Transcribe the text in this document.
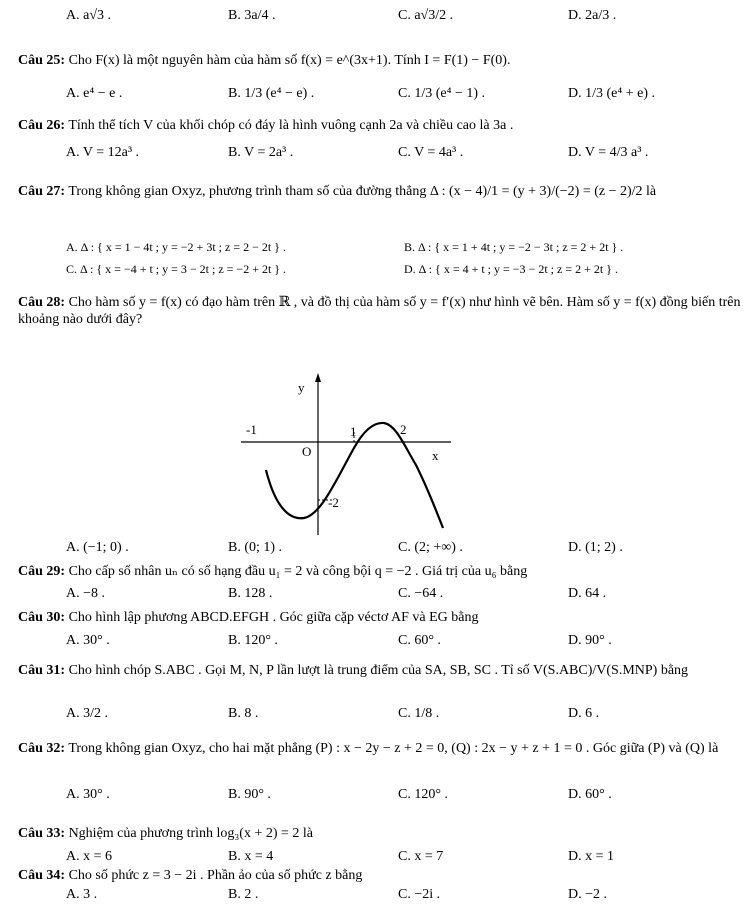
A. a√3 .	B. 3a/4 .	C. a√3/2 .	D. 2a/3 .
Câu 25: Cho F(x) là một nguyên hàm của hàm số f(x) = e^(3x+1). Tính I = F(1) − F(0).
A. e⁴ − e .	B. 1/3 (e⁴ − e) .	C. 1/3 (e⁴ − 1) .	D. 1/3 (e⁴ + e) .
Câu 26: Tính thể tích V của khối chóp có đáy là hình vuông cạnh 2a và chiều cao là 3a .
A. V = 12a³ .	B. V = 2a³ .	C. V = 4a³ .	D. V = 4/3 a³ .
Câu 27: Trong không gian Oxyz, phương trình tham số của đường thẳng Δ : (x − 4)/1 = (y + 3)/(−2) = (z − 2)/2 là
A. Δ : { x = 1 − 4t ; y = −2 + 3t ; z = 2 − 2t } .	B. Δ : { x = 1 + 4t ; y = −2 − 3t ; z = 2 + 2t } .
C. Δ : { x = −4 + t ; y = 3 − 2t ; z = −2 + 2t } .	D. Δ : { x = 4 + t ; y = −3 − 2t ; z = 2 + 2t } .
Câu 28: Cho hàm số y = f(x) có đạo hàm trên ℝ , và đồ thị của hàm số y = f′(x) như hình vẽ bên. Hàm số y = f(x) đồng biến trên khoảng nào dưới đây?
y
x
O
-1	1	2
-2
A. (−1; 0) .	B. (0; 1) .	C. (2; +∞) .	D. (1; 2) .
Câu 29: Cho cấp số nhân uₙ có số hạng đầu u₁ = 2 và công bội q = −2 . Giá trị của u₆ bằng
A. −8 .	B. 128 .	C. −64 .	D. 64 .
Câu 30: Cho hình lập phương ABCD.EFGH . Góc giữa cặp véctơ AF và EG bằng
A. 30° .	B. 120° .	C. 60° .	D. 90° .
Câu 31: Cho hình chóp S.ABC . Gọi M, N, P lần lượt là trung điểm của SA, SB, SC . Tỉ số V(S.ABC)/V(S.MNP) bằng
A. 3/2 .	B. 8 .	C. 1/8 .	D. 6 .
Câu 32: Trong không gian Oxyz, cho hai mặt phẳng (P) : x − 2y − z + 2 = 0, (Q) : 2x − y + z + 1 = 0 . Góc giữa (P) và (Q) là
A. 30° .	B. 90° .	C. 120° .	D. 60° .
Câu 33: Nghiệm của phương trình log₃(x + 2) = 2 là
A. x = 6	B. x = 4	C. x = 7	D. x = 1
Câu 34: Cho số phức z = 3 − 2i . Phần ảo của số phức z bằng
A. 3 .	B. 2 .	C. −2i .	D. −2 .
